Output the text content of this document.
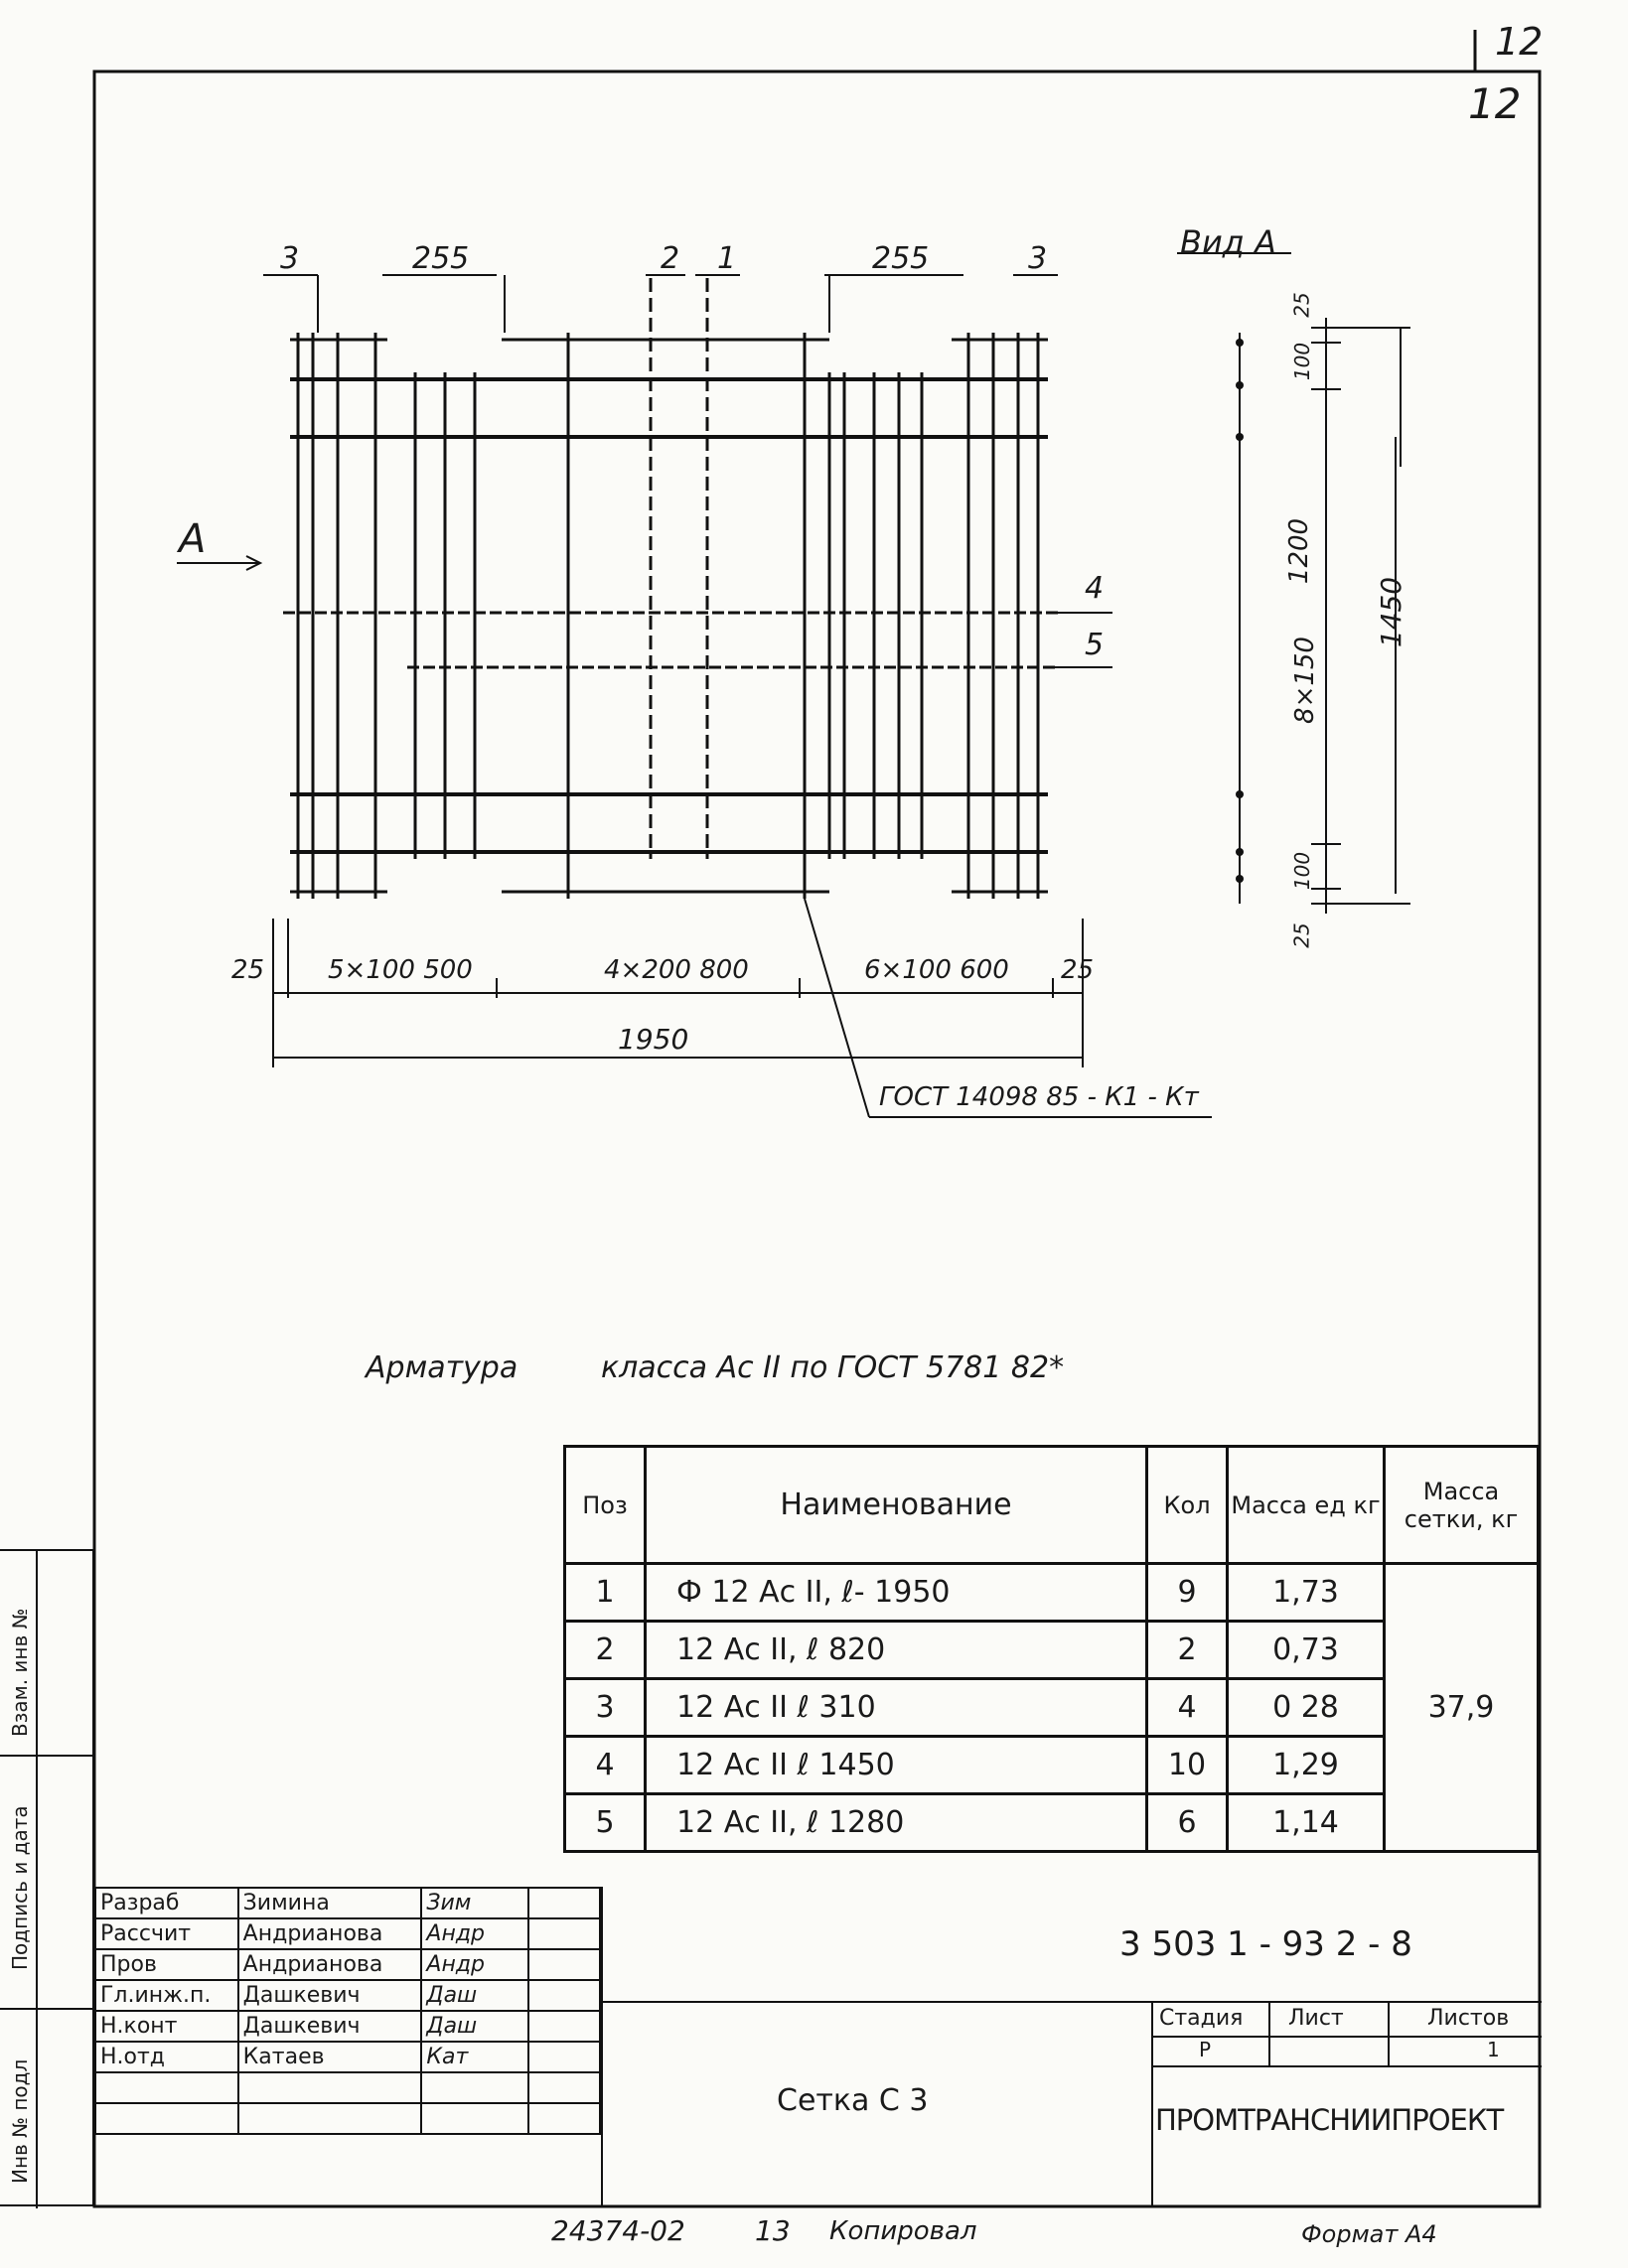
12
12
3	255	2 1	255	3
А
4
5
25 5×100 500	4×200 800	6×100 600 25
1950
ГОСТ 14098 85 - К1 - Кт
Вид А
25
100
1200
8×150
1450
100
25
Арматура	класса Ас II по ГОСТ 5781 82*
Поз	Наименование	Кол	Масса ед кг	Масса сетки, кг
1	Ф 12 Ас II, ℓ- 1950	9	1,73	37,9
2	12 Ас II, ℓ 820	2	0,73	
3	12 Ас II ℓ 310	4	0 28	
4	12 Ас II ℓ 1450	10	1,29	
5	12 Ас II, ℓ 1280	6	1,14	
Разраб	Зимина	Зим	
Рассчит	Андрианова	Андр	
Пров	Андрианова	Андр	
Гл.инж.п.	Дашкевич	Даш	
Н.конт	Дашкевич	Даш	
Н.отд	Катаев	Кат	

3 503 1 - 93 2 - 8
Стадия Лист	Листов
Р	1
Сетка С 3
ПРОМТРАНСНИИПРОЕКТ
Взам. инв №
Подпись и дата
Инв № подл
24374-02	13 Копировал	Формат А4
